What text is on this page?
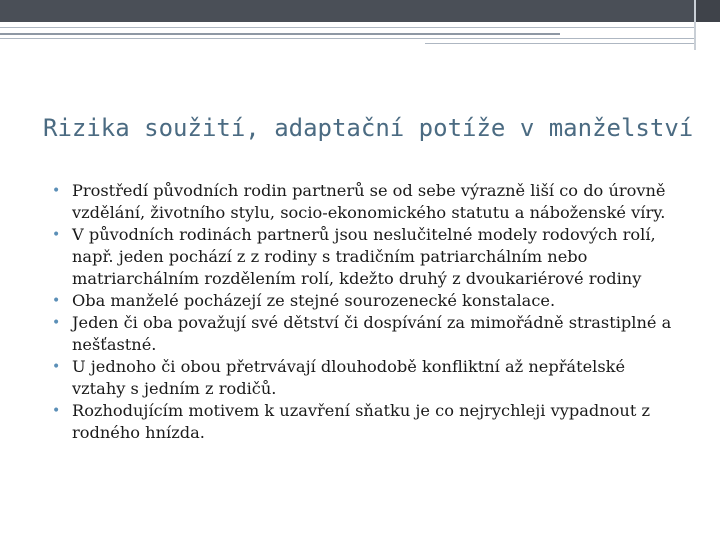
Rizika soužití, adaptační potíže v manželství
• Prostředí původních rodin partnerů se od sebe výrazně liší co do úrovně vzdělání, životního stylu, socio-ekonomického statutu a náboženské víry.
• V původních rodinách partnerů jsou neslučitelné modely rodových rolí, např. jeden pochází z z rodiny s tradičním patriarchálním nebo matriarchálním rozdělením rolí, kdežto druhý z dvoukariérové rodiny
• Oba manželé pocházejí ze stejné sourozenecké konstalace.
• Jeden či oba považují své dětství či dospívání za mimořádně strastiplné a nešťastné.
• U jednoho či obou přetrvávají dlouhodobě konfliktní až nepřátelské vztahy s jedním z rodičů.
• Rozhodujícím motivem k uzavření sňatku je co nejrychleji vypadnout z rodného hnízda.
